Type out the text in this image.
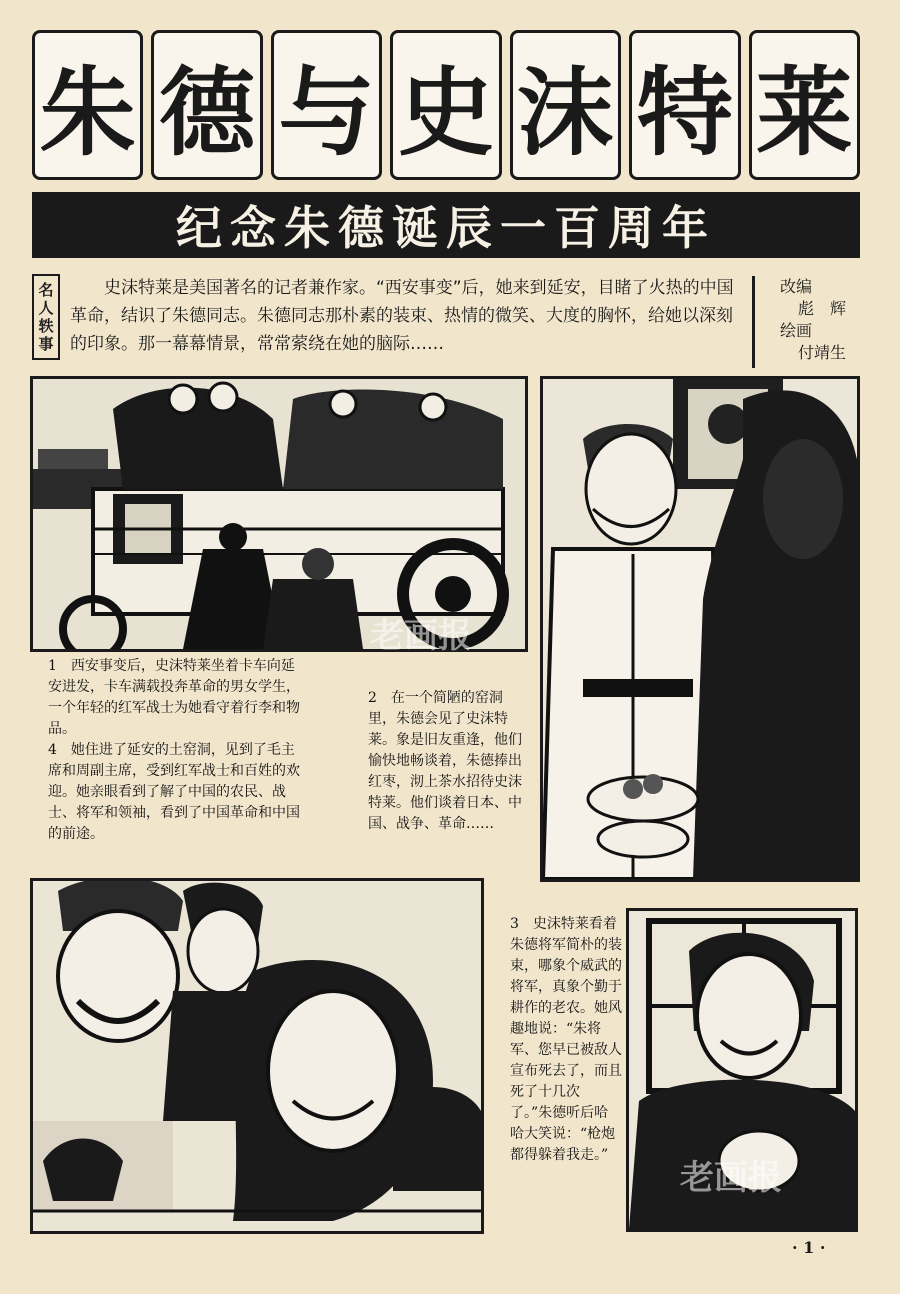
朱 德 与 史 沫 特 莱
纪念朱德诞辰一百周年
名
人
轶
事
史沫特莱是美国著名的记者兼作家。“西安事变”后，她来到延安，目睹了火热的中国革命，结识了朱德同志。朱德同志那朴素的装束、热情的微笑、大度的胸怀，给她以深刻的印象。那一幕幕情景，常常萦绕在她的脑际……
改编
彪　辉
绘画
付靖生

1　西安事变后，史沫特莱坐着卡车向延安进发，卡车满载投奔革命的男女学生，一个年轻的红军战士为她看守着行李和物品。

4　她住进了延安的土窑洞，见到了毛主席和周副主席，受到红军战士和百姓的欢迎。她亲眼看到了解了中国的农民、战士、将军和领袖，看到了中国革命和中国的前途。

2　在一个简陋的窑洞里，朱德会见了史沫特莱。象是旧友重逢，他们愉快地畅谈着，朱德捧出红枣，沏上茶水招待史沫特莱。他们谈着日本、中国、战争、革命……

3　史沫特莱看着朱德将军简朴的装束，哪象个威武的将军，真象个勤于耕作的老农。她风趣地说：“朱将军、您早已被敌人宣布死去了，而且死了十几次了。”朱德听后哈哈大笑说：“枪炮都得躲着我走。”

老画报
老画报
· 1 ·
